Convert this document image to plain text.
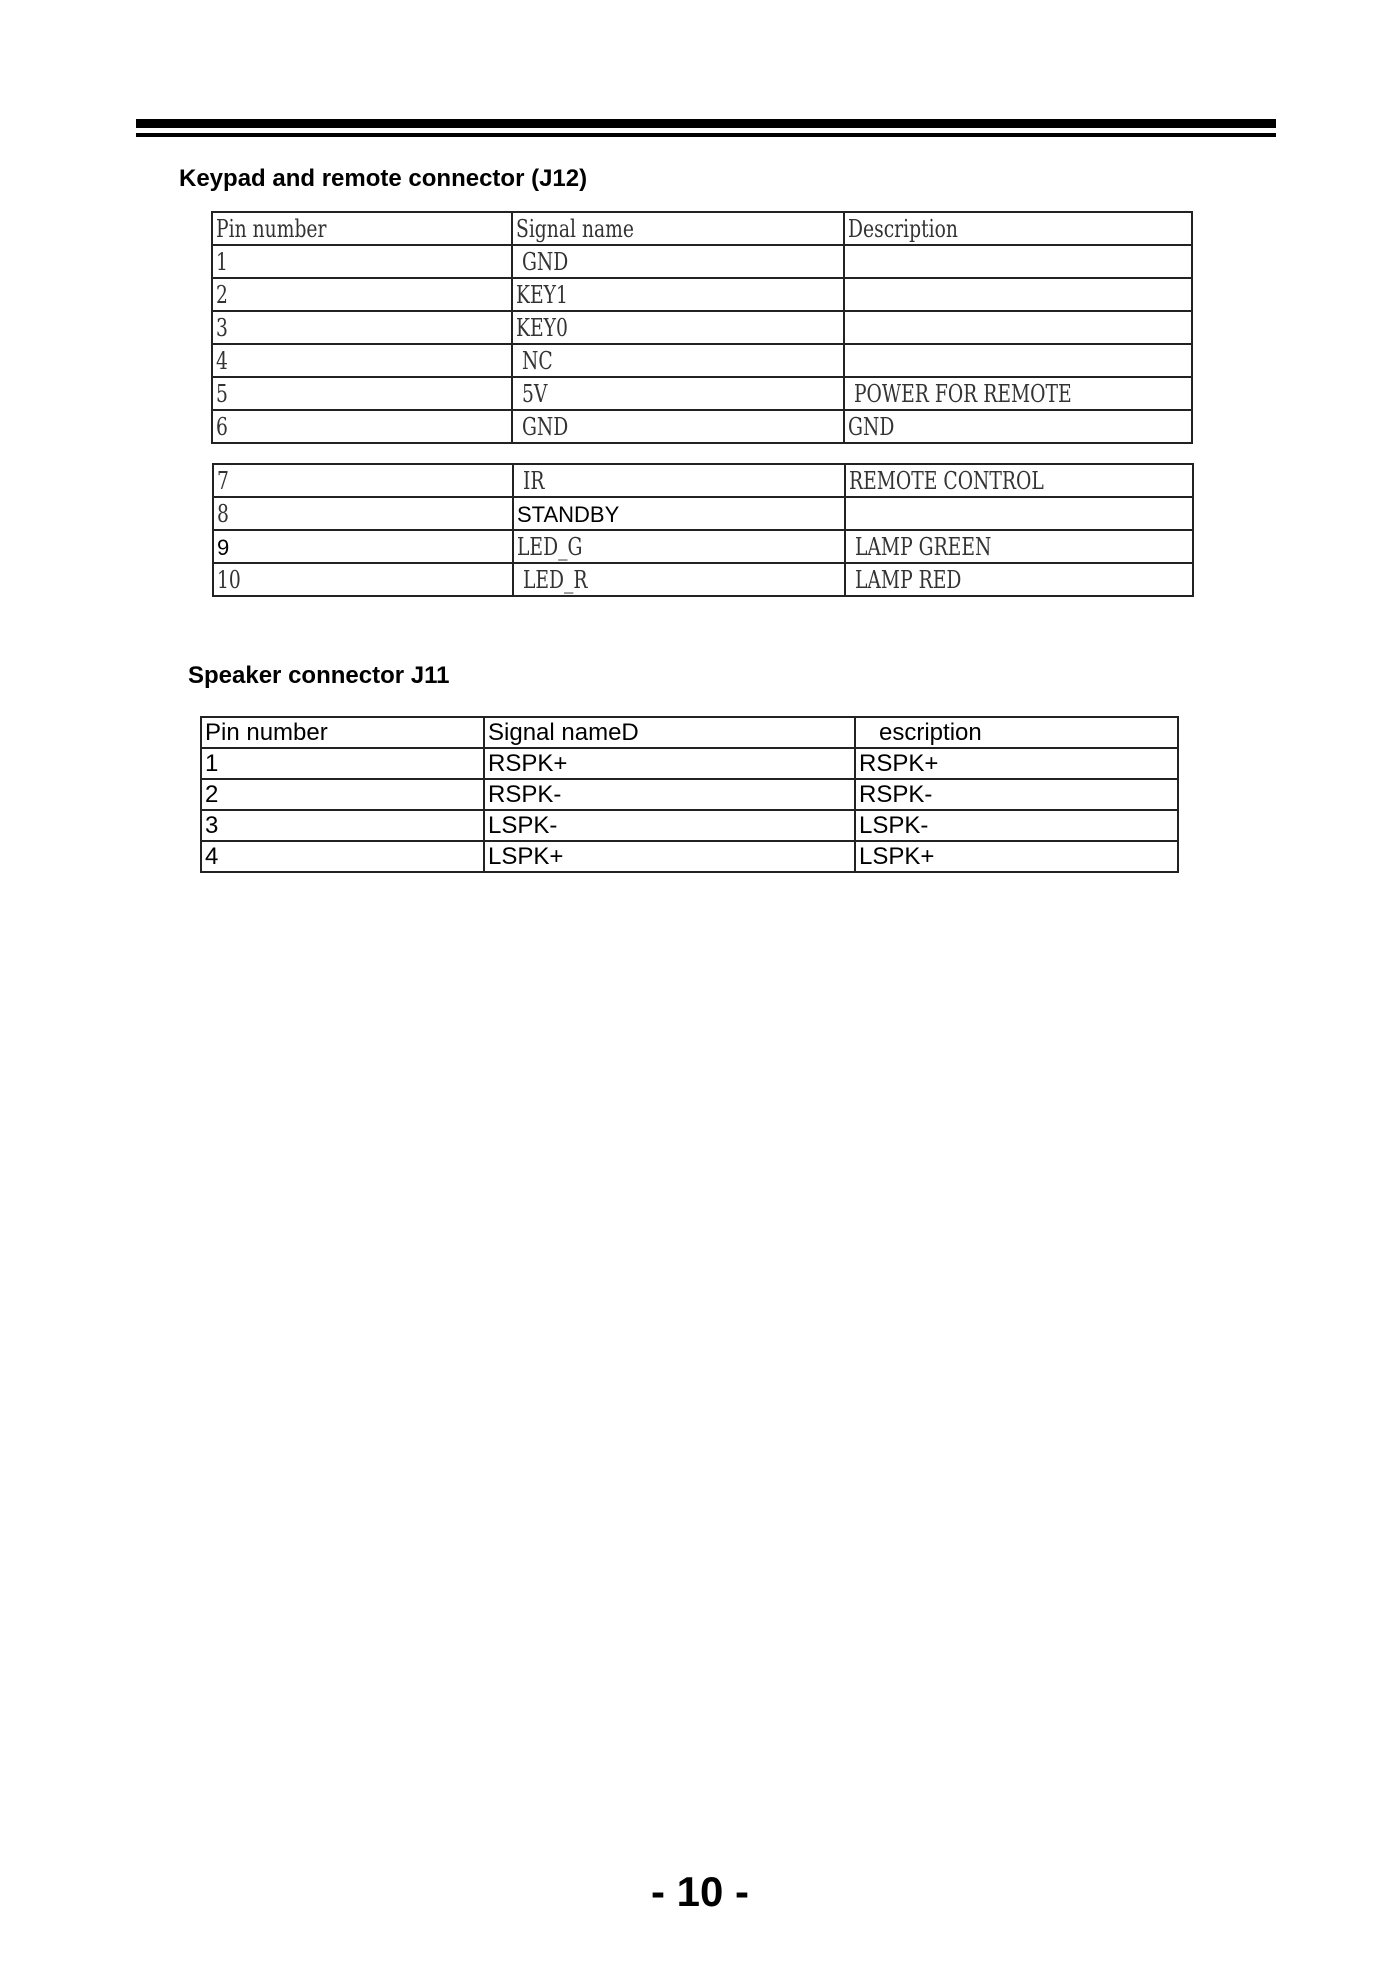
Keypad and remote connector (J12)
Pin number	Signal name	Description
1	GND	
2	KEY1	
3	KEY0	
4	NC	
5	5V	POWER FOR REMOTE
6	GND	GND
7	IR	REMOTE CONTROL
8	STANDBY	
9	LED_G	LAMP GREEN
10	LED_R	LAMP RED
Speaker connector J11
Pin number	Signal nameD	escription
1	RSPK+	RSPK+
2	RSPK-	RSPK-
3	LSPK-	LSPK-
4	LSPK+	LSPK+
- 10 -
